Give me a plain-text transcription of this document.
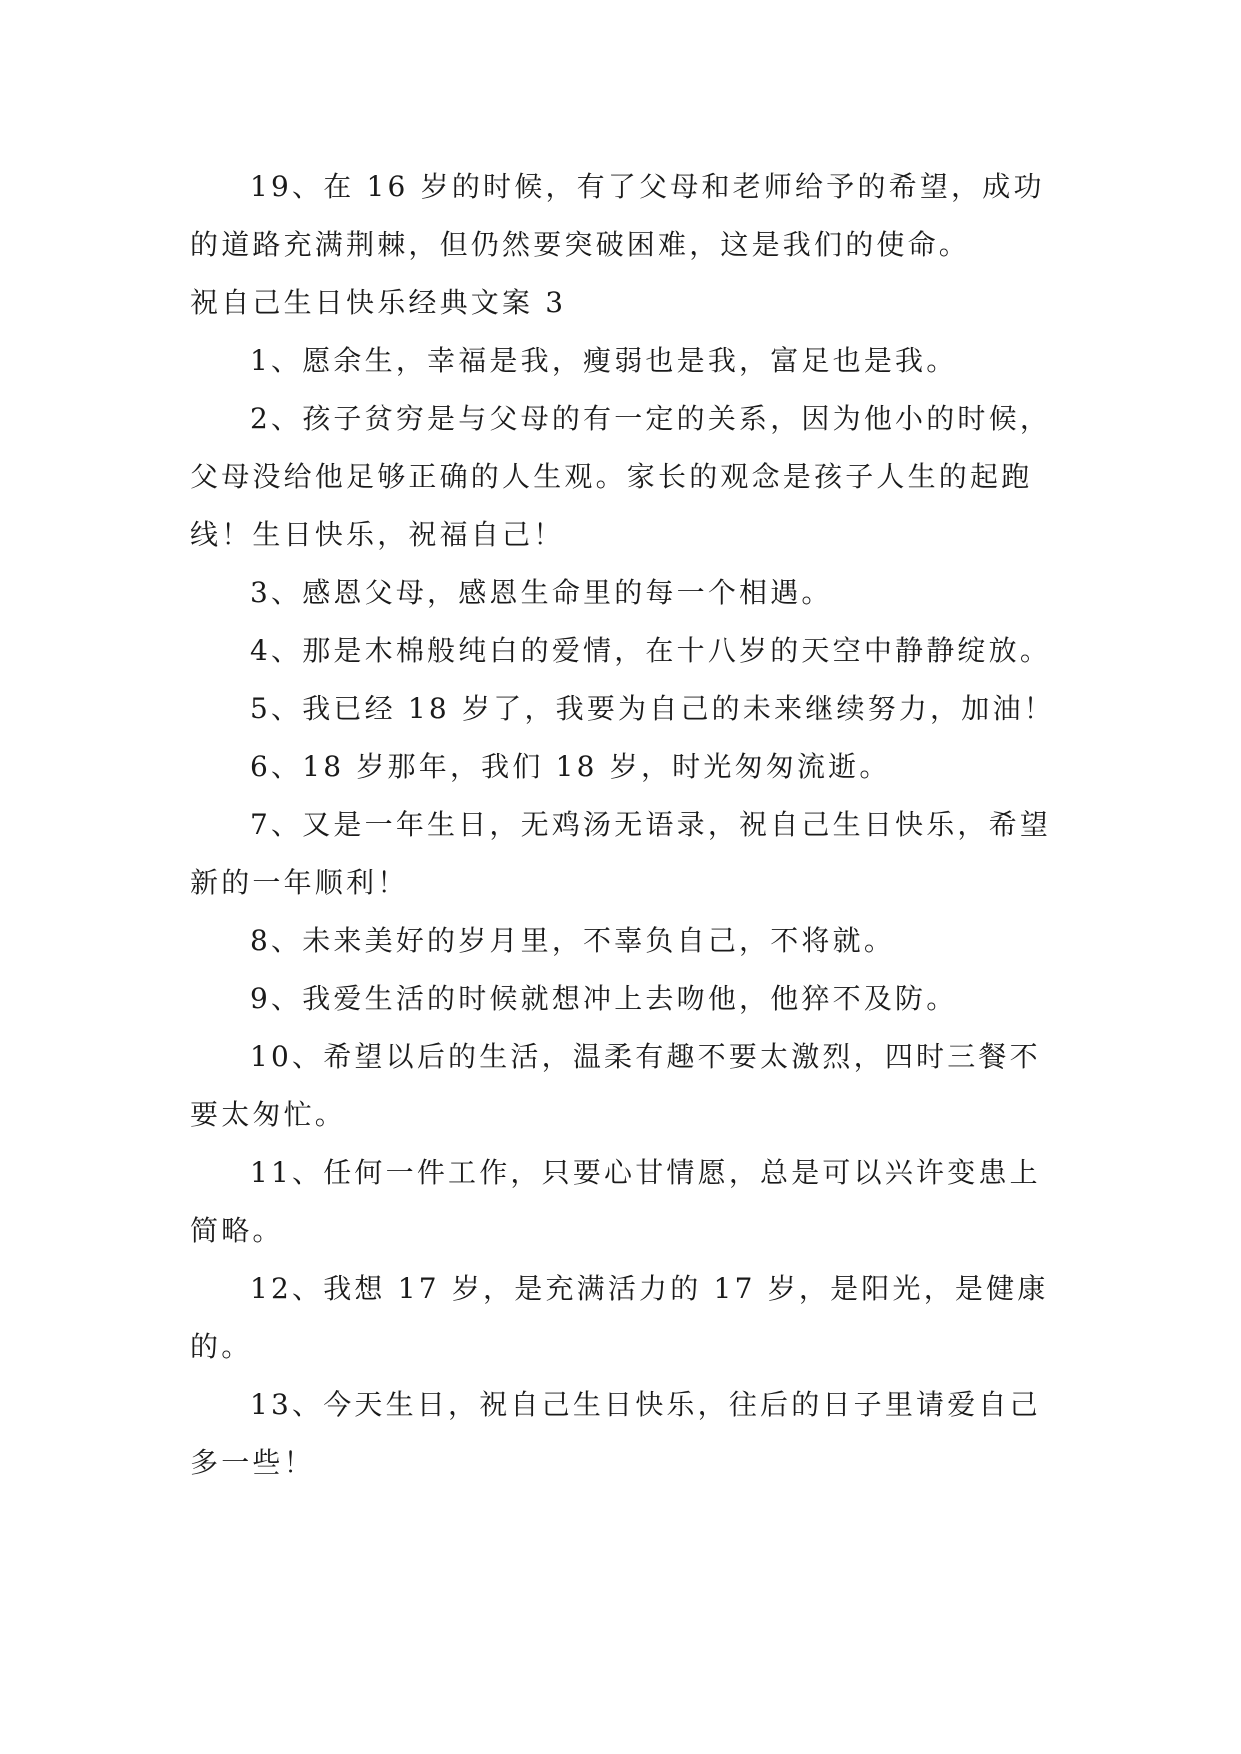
19、在 16 岁的时候，有了父母和老师给予的希望，成功的道路充满荆棘，但仍然要突破困难，这是我们的使命。

祝自己生日快乐经典文案 3

1、愿余生，幸福是我，瘦弱也是我，富足也是我。

2、孩子贫穷是与父母的有一定的关系，因为他小的时候，父母没给他足够正确的人生观。家长的观念是孩子人生的起跑线！生日快乐，祝福自己！

3、感恩父母，感恩生命里的每一个相遇。

4、那是木棉般纯白的爱情，在十八岁的天空中静静绽放。

5、我已经 18 岁了，我要为自己的未来继续努力，加油！

6、18 岁那年，我们 18 岁，时光匆匆流逝。

7、又是一年生日，无鸡汤无语录，祝自己生日快乐，希望新的一年顺利！

8、未来美好的岁月里，不辜负自己，不将就。

9、我爱生活的时候就想冲上去吻他，他猝不及防。

10、希望以后的生活，温柔有趣不要太激烈，四时三餐不要太匆忙。

11、任何一件工作，只要心甘情愿，总是可以兴许变患上简略。

12、我想 17 岁，是充满活力的 17 岁，是阳光，是健康的。

13、今天生日，祝自己生日快乐，往后的日子里请爱自己多一些！
